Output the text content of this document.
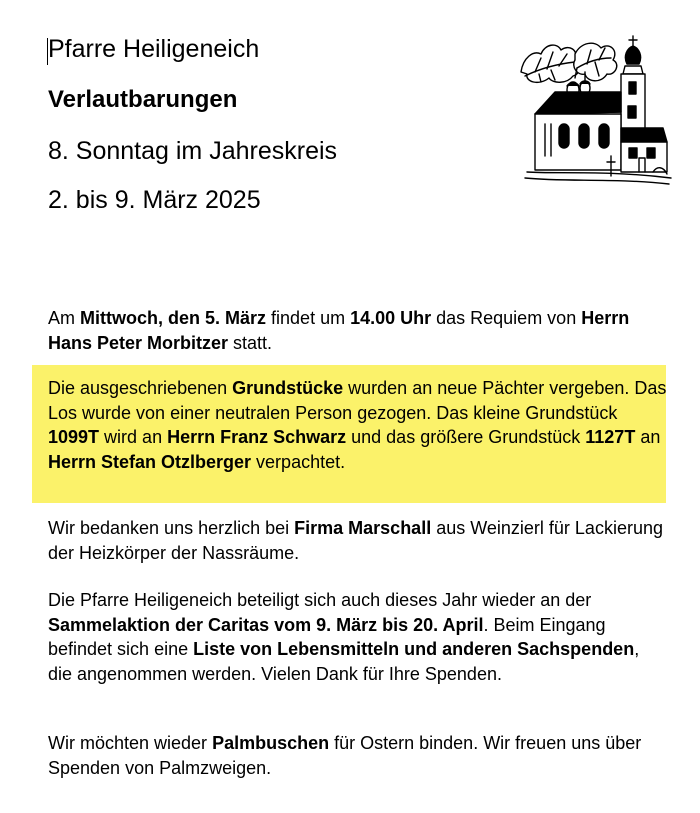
Pfarre Heiligeneich
Verlautbarungen
8. Sonntag im Jahreskreis
2. bis 9. März 2025

Am Mittwoch, den 5. März findet um 14.00 Uhr das Requiem von Herrn Hans Peter Morbitzer statt.

Die ausgeschriebenen Grundstücke wurden an neue Pächter vergeben. Das Los wurde von einer neutralen Person gezogen. Das kleine Grundstück 1099T wird an Herrn Franz Schwarz und das größere Grundstück 1127T an Herrn Stefan Otzlberger verpachtet.

Wir bedanken uns herzlich bei Firma Marschall aus Weinzierl für Lackierung der Heizkörper der Nassräume.

Die Pfarre Heiligeneich beteiligt sich auch dieses Jahr wieder an der Sammelaktion der Caritas vom 9. März bis 20. April. Beim Eingang befindet sich eine Liste von Lebensmitteln und anderen Sachspenden, die angenommen werden. Vielen Dank für Ihre Spenden.

Wir möchten wieder Palmbuschen für Ostern binden. Wir freuen uns über Spenden von Palmzweigen.
